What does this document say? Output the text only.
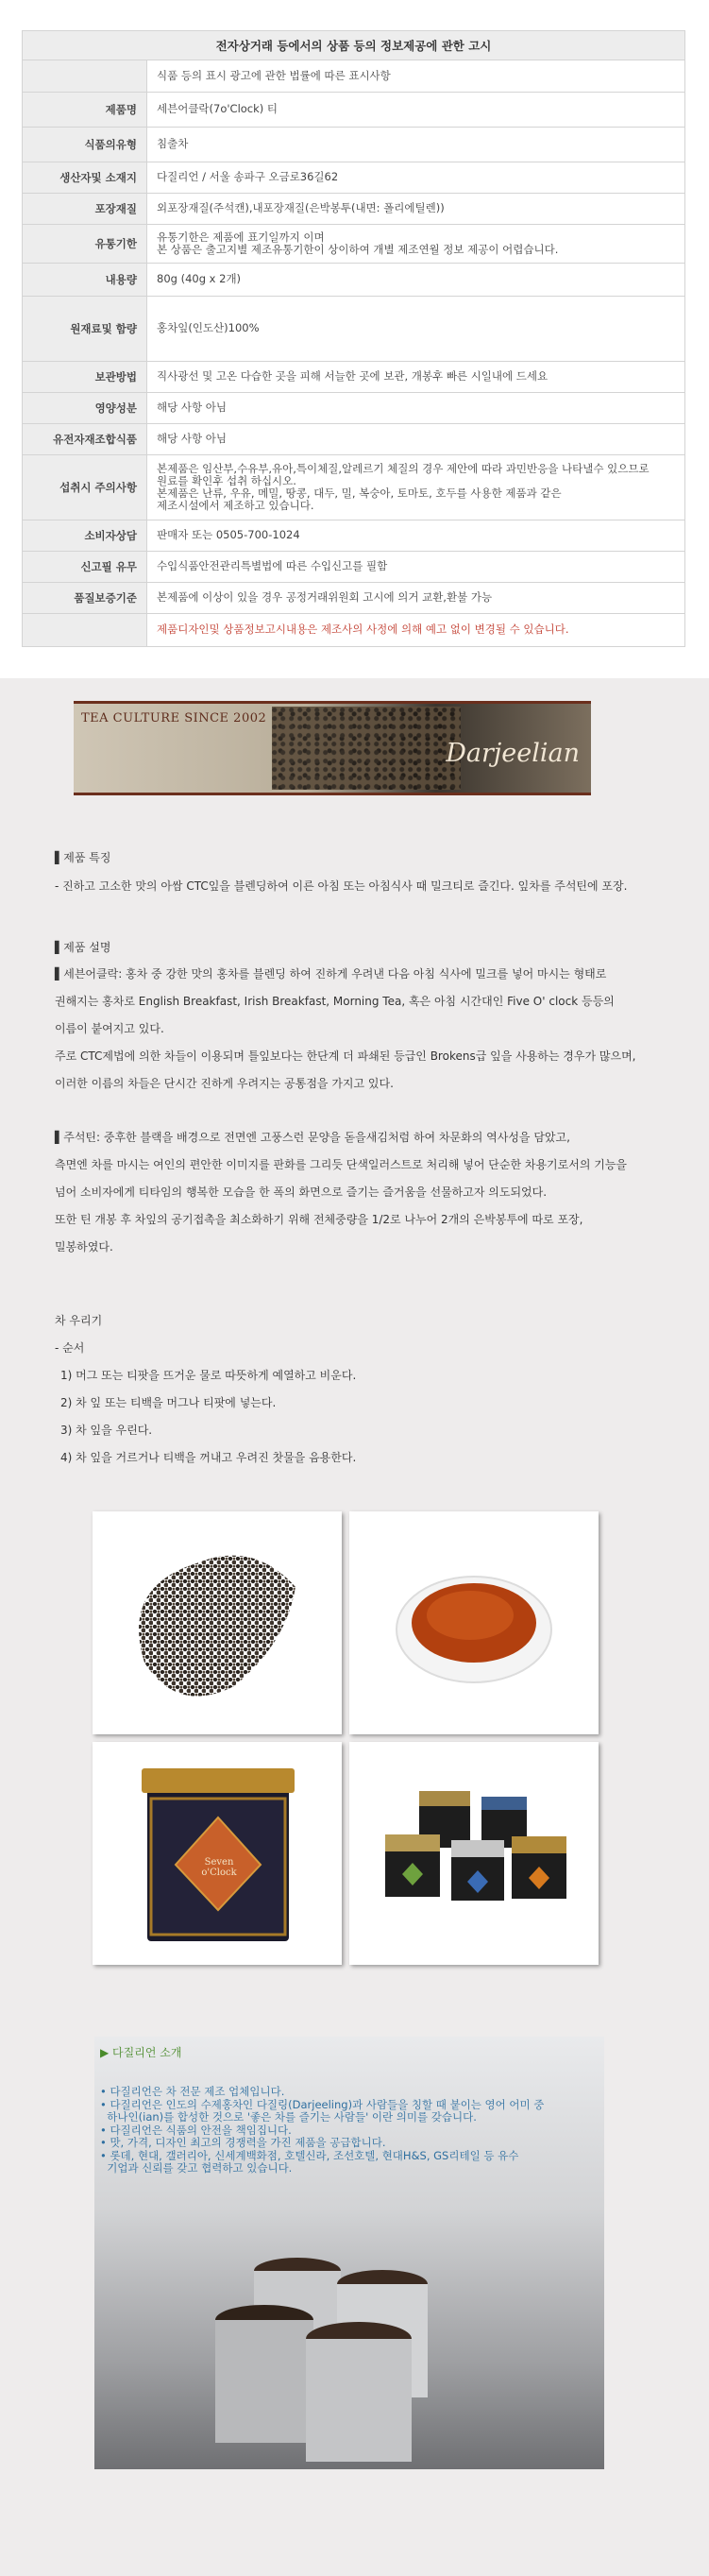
전자상거래 등에서의 상품 등의 정보제공에 관한 고시	
	식품 등의 표시 광고에 관한 법률에 따른 표시사항
제품명	세븐어클락(7o'Clock) 티
식품의유형	침출차
생산자및 소재지	다질리언 / 서울 송파구 오금로36길62
포장재질	외포장재질(주석캔),내포장재질(은박봉투(내면: 폴리에틸렌))
유통기한	유통기한은 제품에 표기일까지 이며
본 상품은 출고지별 제조유통기한이 상이하여 개별 제조연월 정보 제공이 어렵습니다.
내용량	80g (40g x 2개)
원재료및 함량	홍차잎(인도산)100%
보관방법	직사광선 및 고온 다습한 곳을 피해 서늘한 곳에 보관, 개봉후 빠른 시일내에 드세요
영양성분	해당 사항 아님
유전자재조합식품	해당 사항 아님
섭취시 주의사항	본제품은 임산부,수유부,유아,특이체질,알레르기 체질의 경우 제안에 따라 과민반응을 나타낼수 있으므로
원료를 확인후 섭취 하십시오.
본제품은 난류, 우유, 메밀, 땅콩, 대두, 밀, 복숭아, 토마토, 호두를 사용한 제품과 같은
제조시설에서 제조하고 있습니다.
소비자상담	판매자 또는 0505-700-1024
신고필 유무	수입식품안전관리특별법에 따른 수입신고를 필함
품질보증기준	본제품에 이상이 있을 경우 공정거래위원회 고시에 의거 교환,환불 가능
	제품디자인및 상품정보고시내용은 제조사의 사정에 의해 예고 없이 변경될 수 있습니다.
TEA CULTURE SINCE 2002
Darjeelian
▌제품 특징
- 진하고 고소한 맛의 아쌈 CTC잎을 블렌딩하여 이른 아침 또는 아침식사 때 밀크티로 즐긴다. 잎차를 주석틴에 포장.
▌제품 설명
▌세븐어클락: 홍차 중 강한 맛의 홍차를 블렌딩 하여 진하게 우려낸 다음 아침 식사에 밀크를 넣어 마시는 형태로
권해지는 홍차로 English Breakfast, Irish Breakfast, Morning Tea, 혹은 아침 시간대인 Five O' clock 등등의
이름이 붙여지고 있다.
주로 CTC제법에 의한 차들이 이용되며 틀잎보다는 한단계 더 파쇄된 등급인 Brokens급 잎을 사용하는 경우가 많으며,
이러한 이름의 차들은 단시간 진하게 우려지는 공통점을 가지고 있다.
▌주석틴: 중후한 블랙을 배경으로 전면엔 고풍스런 문양을 돋을새김처럼 하여 차문화의 역사성을 담았고,
측면엔 차를 마시는 여인의 편안한 이미지를 판화를 그리듯 단색일러스트로 처리해 넣어 단순한 차용기로서의 기능을
넘어 소비자에게 티타임의 행복한 모습을 한 폭의 화면으로 즐기는 즐거움을 선물하고자 의도되었다.
또한 틴 개봉 후 차잎의 공기접촉을 최소화하기 위해 전체중량을 1/2로 나누어 2개의 은박봉투에 따로 포장,
밀봉하였다.
차 우리기
- 순서
1) 머그 또는 티팟을 뜨거운 물로 따뜻하게 예열하고 비운다.
2) 차 잎 또는 티백을 머그나 티팟에 넣는다.
3) 차 잎을 우린다.
4) 차 잎을 거르거나 티백을 꺼내고 우려진 찻물을 음용한다.
Seven o'Clock
▶ 다질리언 소개
• 다질리언은 차 전문 제조 업체입니다.
• 다질리언은 인도의 수제홍차인 다질링(Darjeeling)과 사람들을 칭할 때 붙이는 영어 어미 중
하나인(ian)를 합성한 것으로 '좋은 차를 즐기는 사람들' 이란 의미를 갖습니다.
• 다질리언은 식품의 안전을 책임집니다.
• 맛, 가격, 디자인 최고의 경쟁력을 가진 제품을 공급합니다.
• 롯데, 현대, 갤러리아, 신세계백화점, 호텔신라, 조선호텔, 현대H&S, GS리테일 등 유수
기업과 신뢰를 갖고 협력하고 있습니다.
